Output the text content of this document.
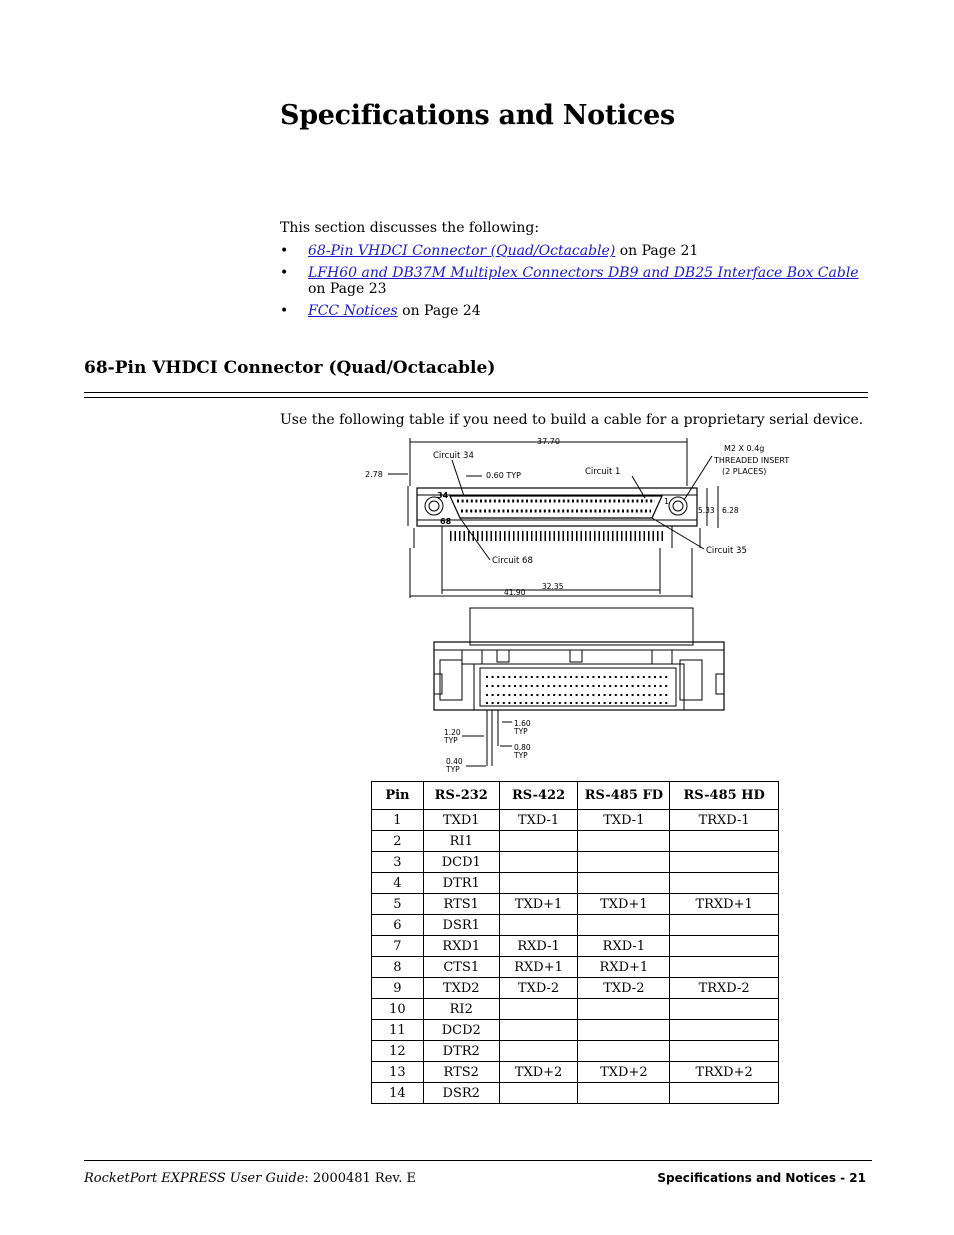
Specifications and Notices
This section discusses the following:
• 68-Pin VHDCI Connector (Quad/Octacable) on Page 21
• LFH60 and DB37M Multiplex Connectors DB9 and DB25 Interface Box Cable
on Page 23
• FCC Notices on Page 24
68-Pin VHDCI Connector (Quad/Octacable)
Use the following table if you need to build a cable for a proprietary serial device.
37.70
2.78
34
68
1
Circuit 34
Circuit 1
Circuit 68
Circuit 35
0.60 TYP
M2 X 0.4g
THREADED INSERT
(2 PLACES)
5.33 6.28
32.35
41.90
1.60
TYP
1.20
TYP
0.80
TYP
0.40
TYP
Pin	RS-232	RS-422	RS-485 FD	RS-485 HD
1	TXD1	TXD-1	TXD-1	TRXD-1
2	RI1			
3	DCD1			
4	DTR1			
5	RTS1	TXD+1	TXD+1	TRXD+1
6	DSR1			
7	RXD1	RXD-1	RXD-1	
8	CTS1	RXD+1	RXD+1	
9	TXD2	TXD-2	TXD-2	TRXD-2
10	RI2			
11	DCD2			
12	DTR2			
13	RTS2	TXD+2	TXD+2	TRXD+2
14	DSR2			
RocketPort EXPRESS User Guide: 2000481 Rev. E	Specifications and Notices - 21
